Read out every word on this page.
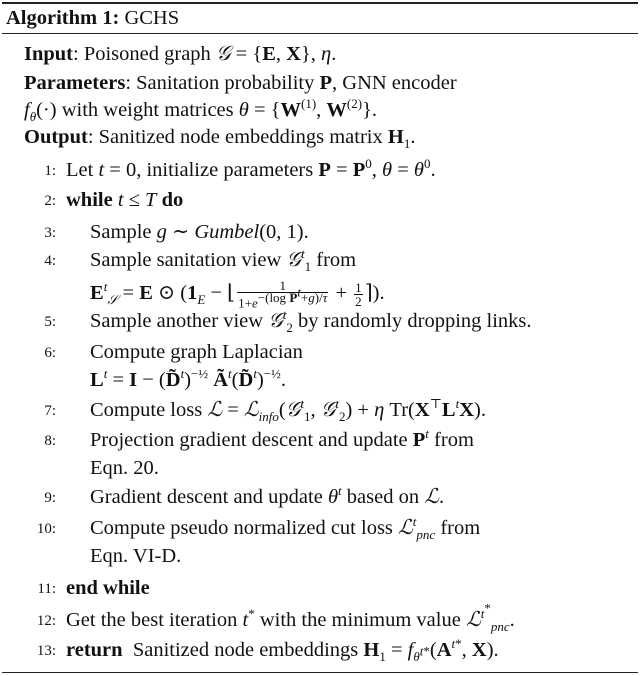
Algorithm 1: GCHS
Input: Poisoned graph 𝒢 = {E, X}, η.
Parameters: Sanitation probability P, GNN encoder
$f_\theta(\cdot)$ with weight matrices $\theta = \{W^{(1)}$, $W^{(2)}$}.
Output: Sanitized node embeddings matrix $H_1$.
1: Let t = 0, initialize parameters $P = P^0$, $\theta = \theta^0$.
2: while t ≤ T do
3: Sample g ∼ Gumbel(0, 1).
4: Sample sanitation view 𝒢$^t_1$ from
$E^t_𝒮 = E$ ⊙ ($1_E$ − ⌊ $\frac{1}{1+e^{-(log P^t+g)/\tau}} + \frac{1}{2}$ ⌉).
5: Sample another view 𝒢$^t_2$ by randomly dropping links.
6: Compute graph Laplacian
$L^t = I$ − (D̃$^t$)$^{-\frac{1}{2}}$ $Ã^t(D̃^t)^{-\frac{1}{2}}$.
7: Compute loss ℒ = ℒ$_{info}$(𝒢$^t_1$, 𝒢$^t_2$) + η $Tr(X^⊤L^tX)$.
8: Projection gradient descent and update $P^t$ from
Eqn. 20.
9: Gradient descent and update $\theta^t$ based on ℒ.
10: Compute pseudo normalized cut loss ℒ$^t_{pnc}$ from
Eqn. VI-D.
11: end while
12: Get the best iteration t* with the minimum value ℒ$^{t^*}_{pnc}$.
13: return  Sanitized node embeddings $H_1 = f_{\theta^{t*}}(A^{t*}$, X).
